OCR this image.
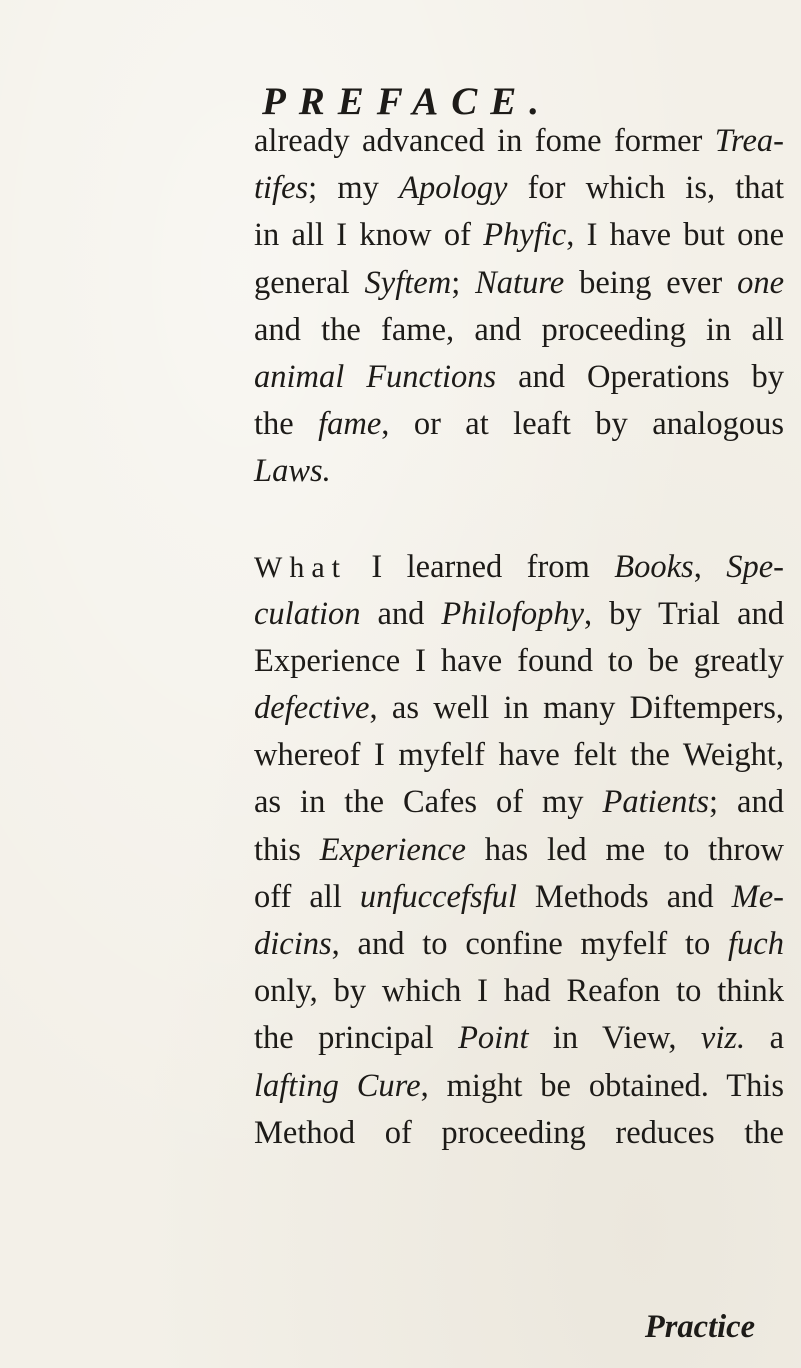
PREFACE.
already advanced in fome former Trea-
tifes; my Apology for which is, that
in all I know of Phyfic, I have but one
general Syftem; Nature being ever one
and the fame, and proceeding in all
animal Functions and Operations by
the fame, or at leaft by analogous
Laws.
What I learned from Books, Spe-
culation and Philofophy, by Trial and
Experience I have found to be greatly
defective, as well in many Diftempers,
whereof I myfelf have felt the Weight,
as in the Cafes of my Patients; and
this Experience has led me to throw
off all unfuccefsful Methods and Me-
dicins, and to confine myfelf to fuch
only, by which I had Reafon to think
the principal Point in View, viz. a
lafting Cure, might be obtained. This
Method of proceeding reduces the
Practice
